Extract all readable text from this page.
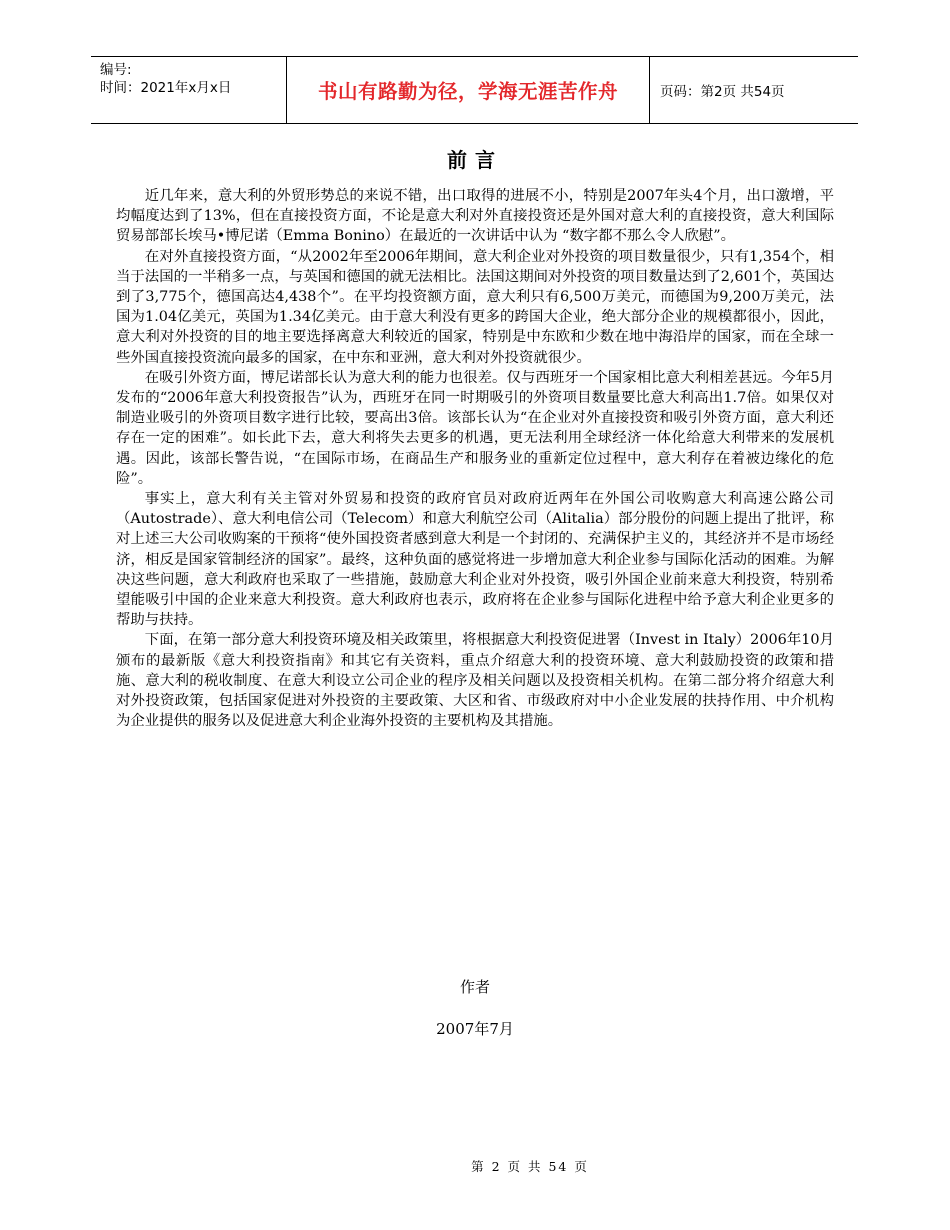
编号:
时间：2021年x月x日	书山有路勤为径，学海无涯苦作舟	页码：第2页 共54页
前言

近几年来，意大利的外贸形势总的来说不错，出口取得的进展不小，特别是2007年头4个月，出口激增，平均幅度达到了13%，但在直接投资方面，不论是意大利对外直接投资还是外国对意大利的直接投资，意大利国际贸易部部长埃马•博尼诺（Emma Bonino）在最近的一次讲话中认为 “数字都不那么令人欣慰”。

在对外直接投资方面，“从2002年至2006年期间，意大利企业对外投资的项目数量很少，只有1,354个，相当于法国的一半稍多一点，与英国和德国的就无法相比。法国这期间对外投资的项目数量达到了2,601个，英国达到了3,775个，德国高达4,438个”。在平均投资额方面，意大利只有6,500万美元，而德国为9,200万美元，法国为1.04亿美元，英国为1.34亿美元。由于意大利没有更多的跨国大企业，绝大部分企业的规模都很小，因此，意大利对外投资的目的地主要选择离意大利较近的国家，特别是中东欧和少数在地中海沿岸的国家，而在全球一些外国直接投资流向最多的国家，在中东和亚洲，意大利对外投资就很少。

在吸引外资方面，博尼诺部长认为意大利的能力也很差。仅与西班牙一个国家相比意大利相差甚远。今年5月发布的“2006年意大利投资报告”认为，西班牙在同一时期吸引的外资项目数量要比意大利高出1.7倍。如果仅对制造业吸引的外资项目数字进行比较，要高出3倍。该部长认为“在企业对外直接投资和吸引外资方面，意大利还存在一定的困难”。如长此下去，意大利将失去更多的机遇，更无法利用全球经济一体化给意大利带来的发展机遇。因此，该部长警告说，“在国际市场，在商品生产和服务业的重新定位过程中，意大利存在着被边缘化的危险”。

事实上，意大利有关主管对外贸易和投资的政府官员对政府近两年在外国公司收购意大利高速公路公司（Autostrade）、意大利电信公司（Telecom）和意大利航空公司（Alitalia）部分股份的问题上提出了批评，称对上述三大公司收购案的干预将“使外国投资者感到意大利是一个封闭的、充满保护主义的，其经济并不是市场经济，相反是国家管制经济的国家”。最终，这种负面的感觉将进一步增加意大利企业参与国际化活动的困难。为解决这些问题，意大利政府也采取了一些措施，鼓励意大利企业对外投资，吸引外国企业前来意大利投资，特别希望能吸引中国的企业来意大利投资。意大利政府也表示，政府将在企业参与国际化进程中给予意大利企业更多的帮助与扶持。

下面，在第一部分意大利投资环境及相关政策里，将根据意大利投资促进署（Invest in Italy）2006年10月颁布的最新版《意大利投资指南》和其它有关资料，重点介绍意大利的投资环境、意大利鼓励投资的政策和措施、意大利的税收制度、在意大利设立公司企业的程序及相关问题以及投资相关机构。在第二部分将介绍意大利对外投资政策，包括国家促进对外投资的主要政策、大区和省、市级政府对中小企业发展的扶持作用、中介机构为企业提供的服务以及促进意大利企业海外投资的主要机构及其措施。

作者
2007年7月
第 2 页 共 54 页
